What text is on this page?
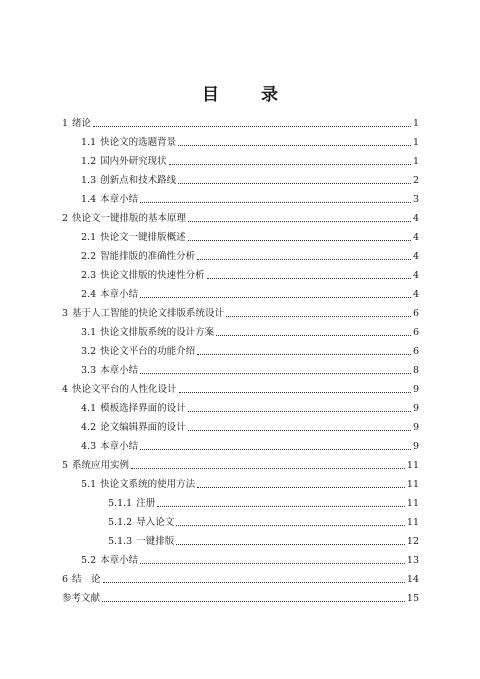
目 录
1 绪论	1
1.1 快论文的选题背景	1
1.2 国内外研究现状	1
1.3 创新点和技术路线	2
1.4 本章小结	3
2 快论文一键排版的基本原理	4
2.1 快论文一键排版概述	4
2.2 智能排版的准确性分析	4
2.3 快论文排版的快速性分析	4
2.4 本章小结	4
3 基于人工智能的快论文排版系统设计	6
3.1 快论文排版系统的设计方案	6
3.2 快论文平台的功能介绍	6
3.3 本章小结	8
4 快论文平台的人性化设计	9
4.1 模板选择界面的设计	9
4.2 论文编辑界面的设计	9
4.3 本章小结	9
5 系统应用实例	11
5.1 快论文系统的使用方法	11
5.1.1 注册	11
5.1.2 导入论文	11
5.1.3 一键排版	12
5.2 本章小结	13
6 结　论	14
参考文献	15
